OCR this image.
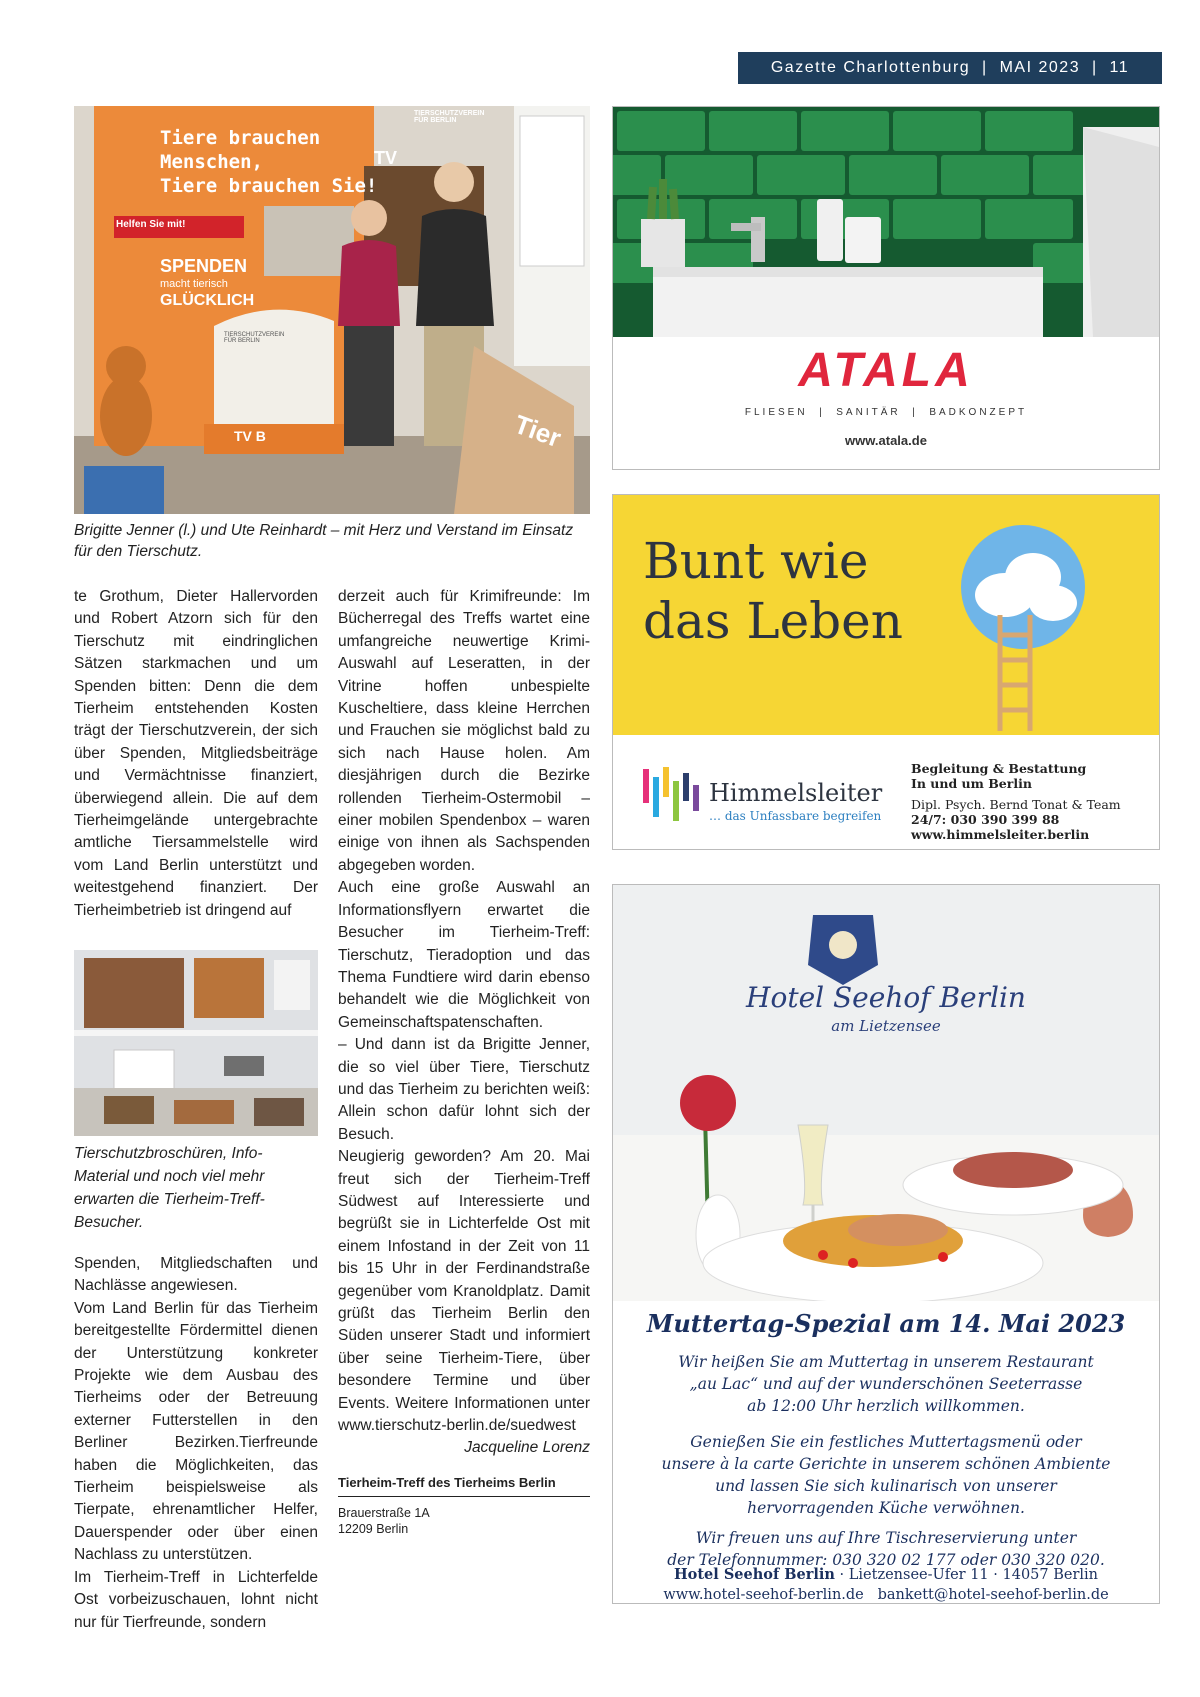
Gazette Charlottenburg  |  MAI 2023  |  11
TIERSCHUTZVEREIN
FÜR BERLIN
Tiere brauchen
Menschen,
Tiere brauchen Sie!
Helfen Sie mit!
SPENDEN
macht tierisch
GLÜCKLICH
TV
TIERSCHUTZVEREIN
FÜR BERLIN
TV B	Tier
Brigitte Jenner (l.) und Ute Reinhardt – mit Herz und Verstand im Einsatz für den Tierschutz.

te Grothum, Dieter Hallervorden und Robert Atzorn sich für den Tierschutz mit eindringlichen Sätzen starkmachen und um Spenden bitten: Denn die dem Tierheim entstehenden Kosten trägt der Tierschutzverein, der sich über Spenden, Mitgliedsbeiträge und Vermächtnisse finanziert, überwiegend allein. Die auf dem Tierheimgelände untergebrachte amtliche Tiersammelstelle wird vom Land Berlin unterstützt und weitestgehend finanziert. Der Tierheimbetrieb ist dringend auf

Tierschutzbroschüren, Info-Material und noch viel mehr erwarten die Tierheim-Treff-Besucher.

Spenden, Mitgliedschaften und Nachlässe angewiesen.

Vom Land Berlin für das Tierheim bereitgestellte Fördermittel dienen der Unterstützung konkreter Projekte wie dem Ausbau des Tierheims oder der Betreuung externer Futterstellen in den Berliner Bezirken.Tierfreunde haben die Möglichkeiten, das Tierheim beispielsweise als Tierpate, ehrenamtlicher Helfer, Dauerspender oder über einen Nachlass zu unterstützen.

Im Tierheim-Treff in Lichterfelde Ost vorbeizuschauen, lohnt nicht nur für Tierfreunde, sondern

derzeit auch für Krimifreunde: Im Bücherregal des Treffs wartet eine umfangreiche neuwertige Krimi-Auswahl auf Leseratten, in der Vitrine hoffen unbespielte Kuscheltiere, dass kleine Herrchen und Frauchen sie möglichst bald zu sich nach Hause holen. Am diesjährigen durch die Bezirke rollenden Tierheim-Ostermobil – einer mobilen Spendenbox – waren einige von ihnen als Sachspenden abgegeben worden.

Auch eine große Auswahl an Informationsflyern erwartet die Besucher im Tierheim-Treff: Tierschutz, Tieradoption und das Thema Fundtiere wird darin ebenso behandelt wie die Möglichkeit von Gemeinschaftspatenschaften.

– Und dann ist da Brigitte Jenner, die so viel über Tiere, Tierschutz und das Tierheim zu berichten weiß: Allein schon dafür lohnt sich der Besuch.

Neugierig geworden? Am 20. Mai freut sich der Tierheim-Treff Südwest auf Interessierte und begrüßt sie in Lichterfelde Ost mit einem Infostand in der Zeit von 11 bis 15 Uhr in der Ferdinandstraße gegenüber vom Kranoldplatz. Damit grüßt das Tierheim Berlin den Süden unserer Stadt und informiert über seine Tierheim-Tiere, über besondere Termine und über Events. Weitere Informationen unter www.tierschutz-berlin.de/suedwest

Jacqueline Lorenz

Tierheim-Treff des Tierheims Berlin
Brauerstraße 1A
12209 Berlin
ATALA
FLIESEN  |  SANITÄR  |  BADKONZEPT
www.atala.de
Bunt wie
das Leben
Himmelsleiter
… das Unfassbare begreifen
Begleitung & Bestattung
In und um Berlin
Dipl. Psych. Bernd Tonat & Team
24/7: 030 390 399 88
www.himmelsleiter.berlin
Hotel Seehof Berlin
am Lietzensee
Muttertag-Spezial am 14. Mai 2023
Wir heißen Sie am Muttertag in unserem Restaurant
„au Lac“ und auf der wunderschönen Seeterrasse
ab 12:00 Uhr herzlich willkommen.
Genießen Sie ein festliches Muttertagsmenü oder
unsere à la carte Gerichte in unserem schönen Ambiente
und lassen Sie sich kulinarisch von unserer
hervorragenden Küche verwöhnen.
Wir freuen uns auf Ihre Tischreservierung unter
der Telefonnummer: 030 320 02 177 oder 030 320 020.
Hotel Seehof Berlin · Lietzensee-Ufer 11 · 14057 Berlin
www.hotel-seehof-berlin.de bankett@hotel-seehof-berlin.de
